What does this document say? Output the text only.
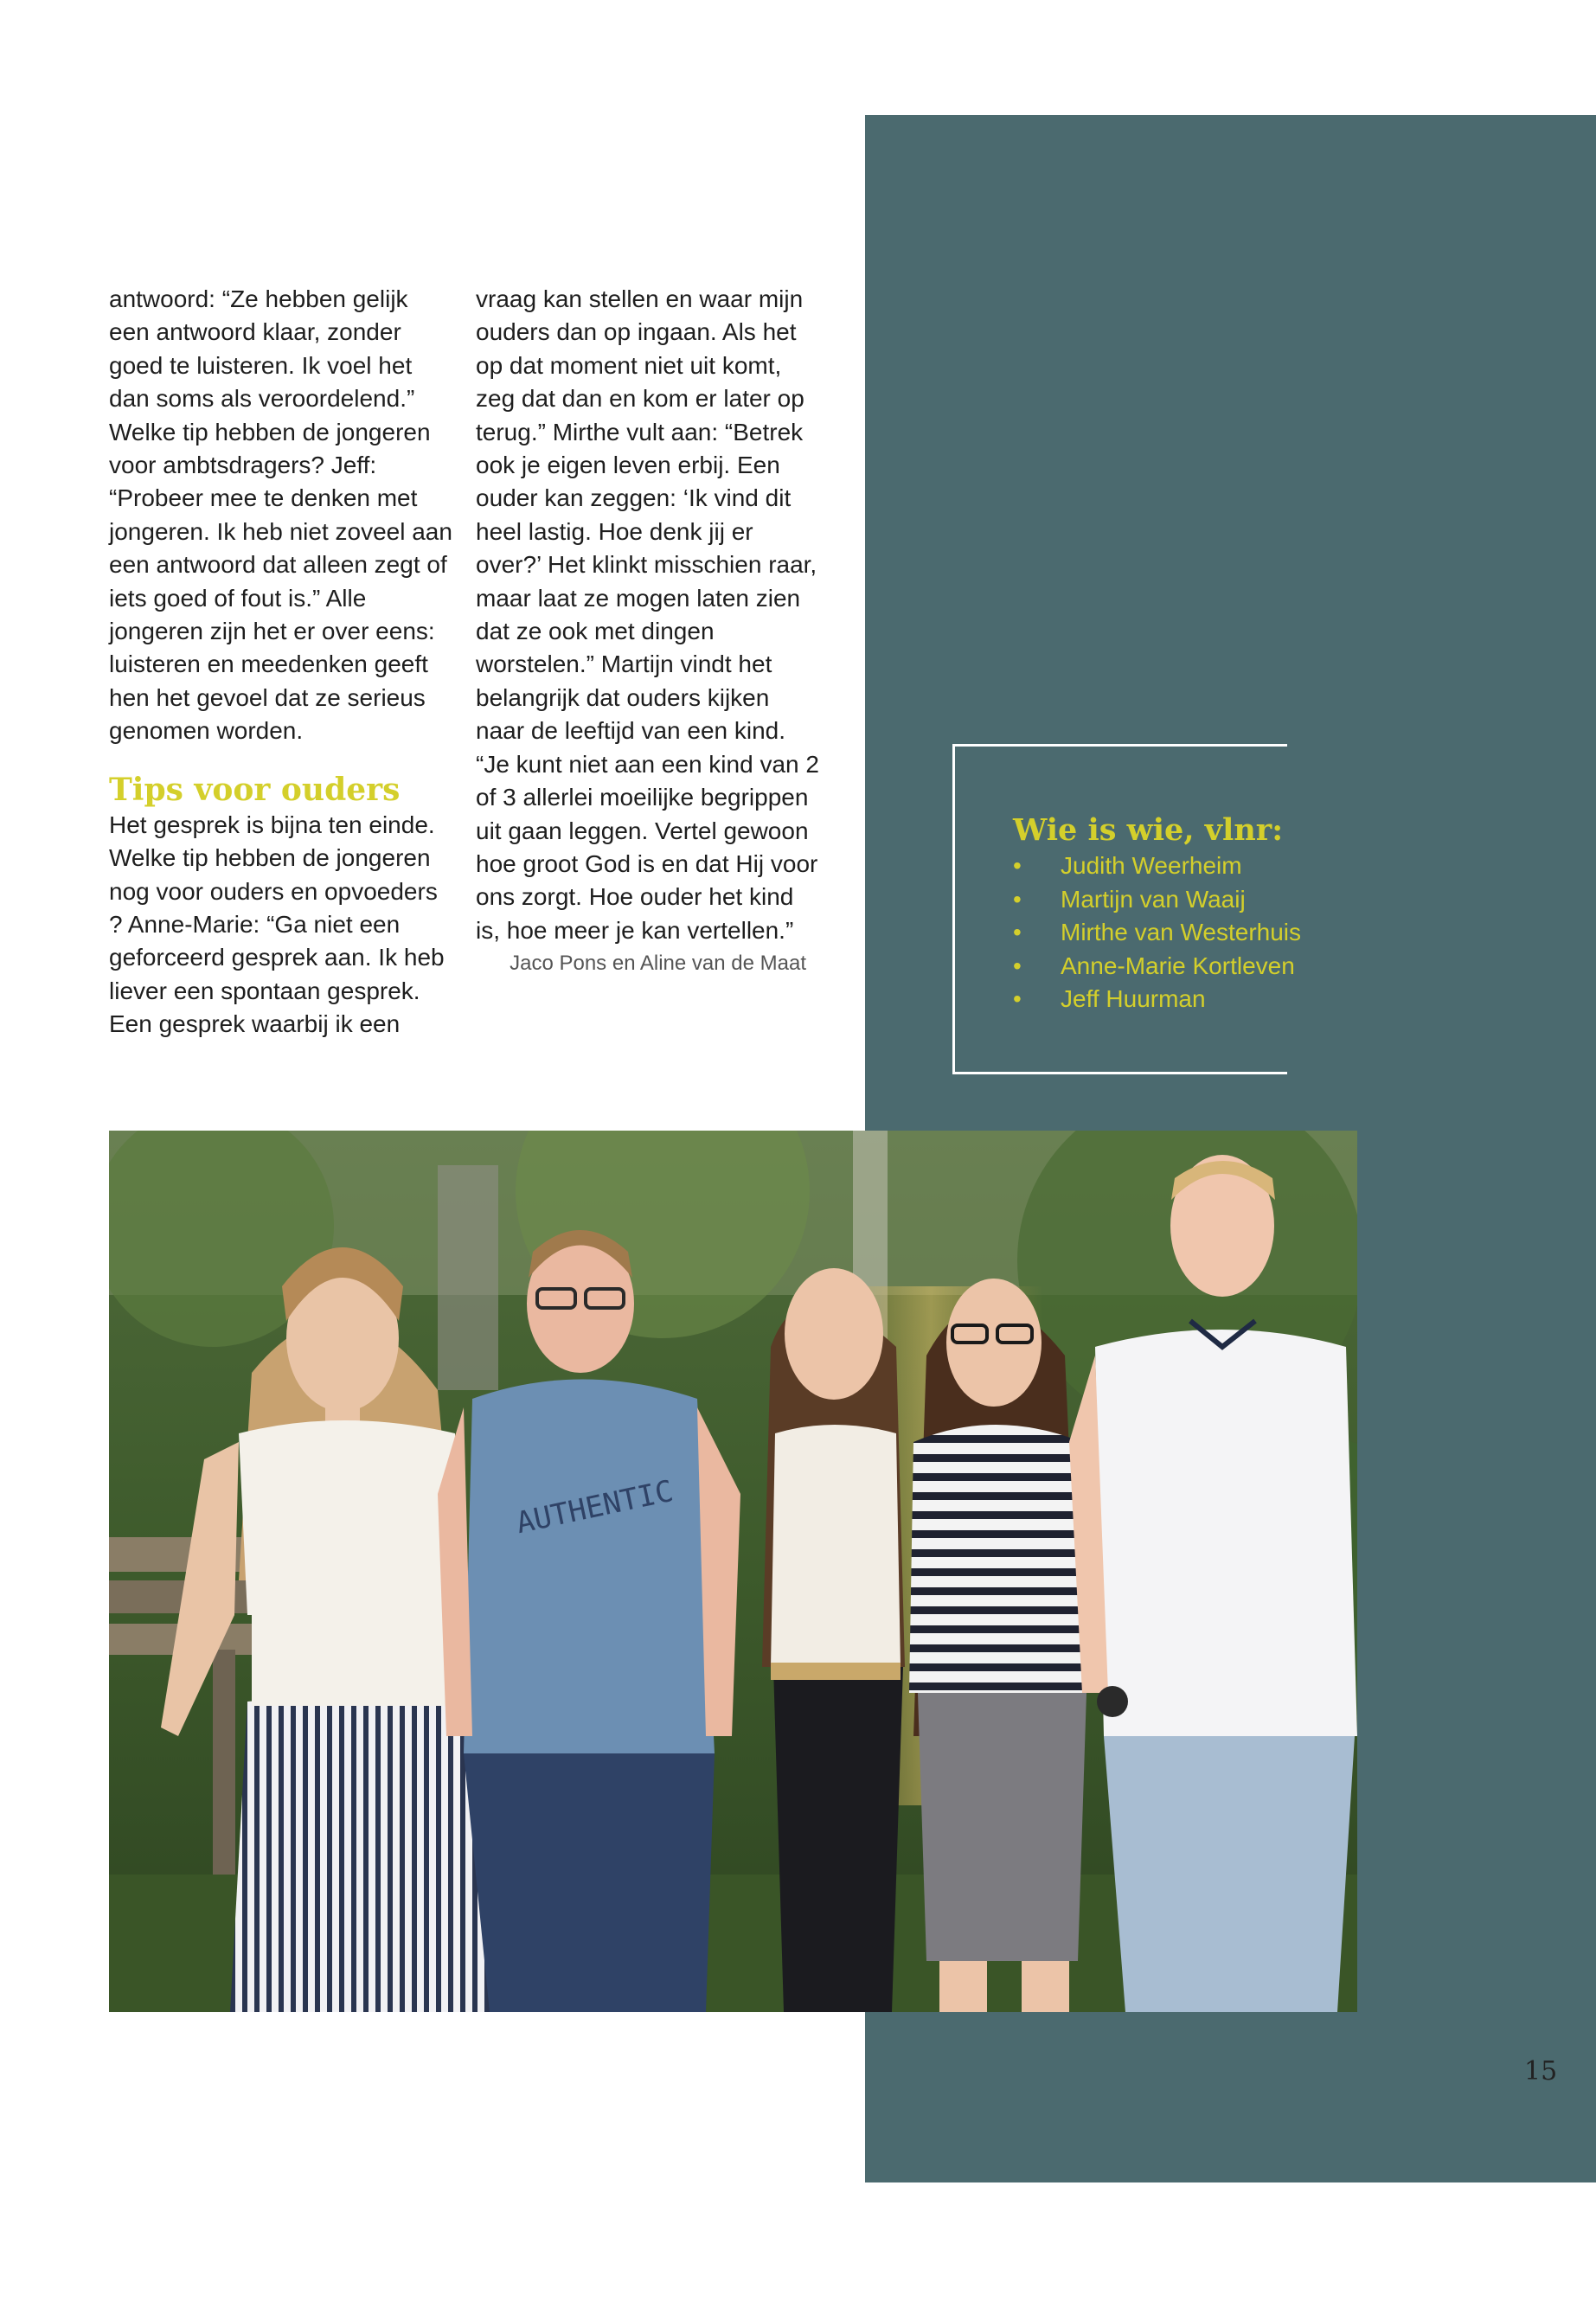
antwoord: “Ze hebben gelijk een antwoord klaar, zonder goed te luisteren. Ik voel het dan soms als veroordelend.” Welke tip hebben de jongeren voor ambtsdragers? Jeff: “Probeer mee te denken met jongeren. Ik heb niet zoveel aan een antwoord dat alleen zegt of iets goed of fout is.” Alle jongeren zijn het er over eens: luisteren en meedenken geeft hen het gevoel dat ze serieus genomen worden.

Tips voor ouders

Het gesprek is bijna ten einde. Welke tip hebben de jongeren nog voor ouders en opvoeders ? Anne-Marie: “Ga niet een geforceerd gesprek aan. Ik heb liever een spontaan gesprek. Een gesprek waarbij ik een

vraag kan stellen en waar mijn ouders dan op ingaan. Als het op dat moment niet uit komt, zeg dat dan en kom er later op terug.” Mirthe vult aan: “Betrek ook je eigen leven erbij. Een ouder kan zeggen: ‘Ik vind dit heel lastig. Hoe denk jij er over?’ Het klinkt misschien raar, maar laat ze mogen laten zien dat ze ook met dingen worstelen.” Martijn vindt het belangrijk dat ouders kijken naar de leeftijd van een kind. “Je kunt niet aan een kind van 2 of 3 allerlei moeilijke begrippen uit gaan leggen. Vertel gewoon hoe groot God is en dat Hij voor ons zorgt. Hoe ouder het kind is, hoe meer je kan vertellen.”

Jaco Pons en Aline van de Maat

Wie is wie, vlnr:
• Judith Weerheim
• Martijn van Waaij
• Mirthe van Westerhuis
• Anne-Marie Kortleven
• Jeff Huurman
AUTHENTIC
15
